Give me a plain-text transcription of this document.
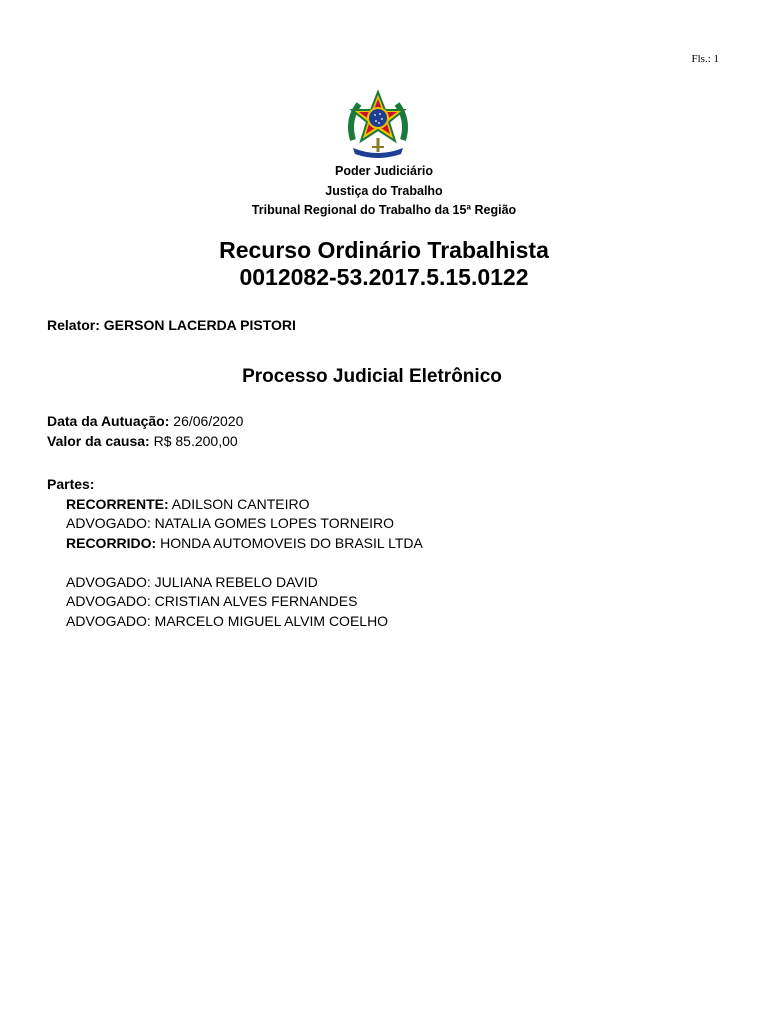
Fls.: 1
Poder Judiciário
Justiça do Trabalho
Tribunal Regional do Trabalho da 15ª Região
Recurso Ordinário Trabalhista
0012082-53.2017.5.15.0122
Relator: GERSON LACERDA PISTORI
Processo Judicial Eletrônico
Data da Autuação: 26/06/2020
Valor da causa: R$ 85.200,00
Partes:
RECORRENTE: ADILSON CANTEIRO
ADVOGADO: NATALIA GOMES LOPES TORNEIRO
RECORRIDO: HONDA AUTOMOVEIS DO BRASIL LTDA
ADVOGADO: JULIANA REBELO DAVID
ADVOGADO: CRISTIAN ALVES FERNANDES
ADVOGADO: MARCELO MIGUEL ALVIM COELHO
